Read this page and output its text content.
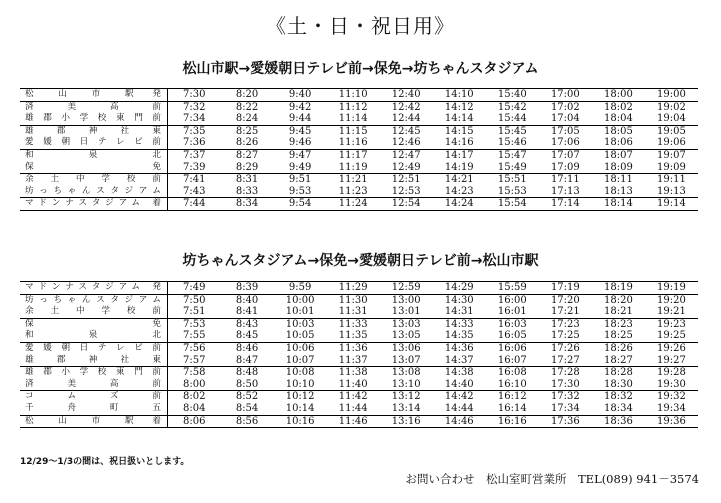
《土・日・祝日用》
松山市駅→愛媛朝日テレビ前→保免→坊ちゃんスタジアム
松　山　市　駅 発	7:30	8:20	9:40	11:10	12:40	14:10	15:40	17:00	18:00	19:00
済　美　高　前	7:32	8:22	9:42	11:12	12:42	14:12	15:42	17:02	18:02	19:02
雄郡小学校東門前	7:34	8:24	9:44	11:14	12:44	14:14	15:44	17:04	18:04	19:04
雄　郡　神　社　東	7:35	8:25	9:45	11:15	12:45	14:15	15:45	17:05	18:05	19:05
愛媛朝日テレビ前	7:36	8:26	9:46	11:16	12:46	14:16	15:46	17:06	18:06	19:06
和　泉　北	7:37	8:27	9:47	11:17	12:47	14:17	15:47	17:07	18:07	19:07
保　　免	7:39	8:29	9:49	11:19	12:49	14:19	15:49	17:09	18:09	19:09
余　土　中　学　校　前	7:41	8:31	9:51	11:21	12:51	14:21	15:51	17:11	18:11	19:11
坊っちゃんスタジアム	7:43	8:33	9:53	11:23	12:53	14:23	15:53	17:13	18:13	19:13
マドンナスタジアム 着	7:44	8:34	9:54	11:24	12:54	14:24	15:54	17:14	18:14	19:14
坊ちゃんスタジアム→保免→愛媛朝日テレビ前→松山市駅
マドンナスタジアム 発	7:49	8:39	9:59	11:29	12:59	14:29	15:59	17:19	18:19	19:19
坊っちゃんスタジアム	7:50	8:40	10:00	11:30	13:00	14:30	16:00	17:20	18:20	19:20
余　土　中　学　校　前	7:51	8:41	10:01	11:31	13:01	14:31	16:01	17:21	18:21	19:21
保　　免	7:53	8:43	10:03	11:33	13:03	14:33	16:03	17:23	18:23	19:23
和　泉　北	7:55	8:45	10:05	11:35	13:05	14:35	16:05	17:25	18:25	19:25
愛媛朝日テレビ前	7:56	8:46	10:06	11:36	13:06	14:36	16:06	17:26	18:26	19:26
雄　郡　神　社　東	7:57	8:47	10:07	11:37	13:07	14:37	16:07	17:27	18:27	19:27
雄郡小学校東門前	7:58	8:48	10:08	11:38	13:08	14:38	16:08	17:28	18:28	19:28
済　美　高　前	8:00	8:50	10:10	11:40	13:10	14:40	16:10	17:30	18:30	19:30
コ　ム　ズ　前	8:02	8:52	10:12	11:42	13:12	14:42	16:12	17:32	18:32	19:32
千　舟　町　五	8:04	8:54	10:14	11:44	13:14	14:44	16:14	17:34	18:34	19:34
松　山　市　駅 着	8:06	8:56	10:16	11:46	13:16	14:46	16:16	17:36	18:36	19:36
12/29～1/3の間は、祝日扱いとします。
お問い合わせ　松山室町営業所　TEL(089) 941－3574
